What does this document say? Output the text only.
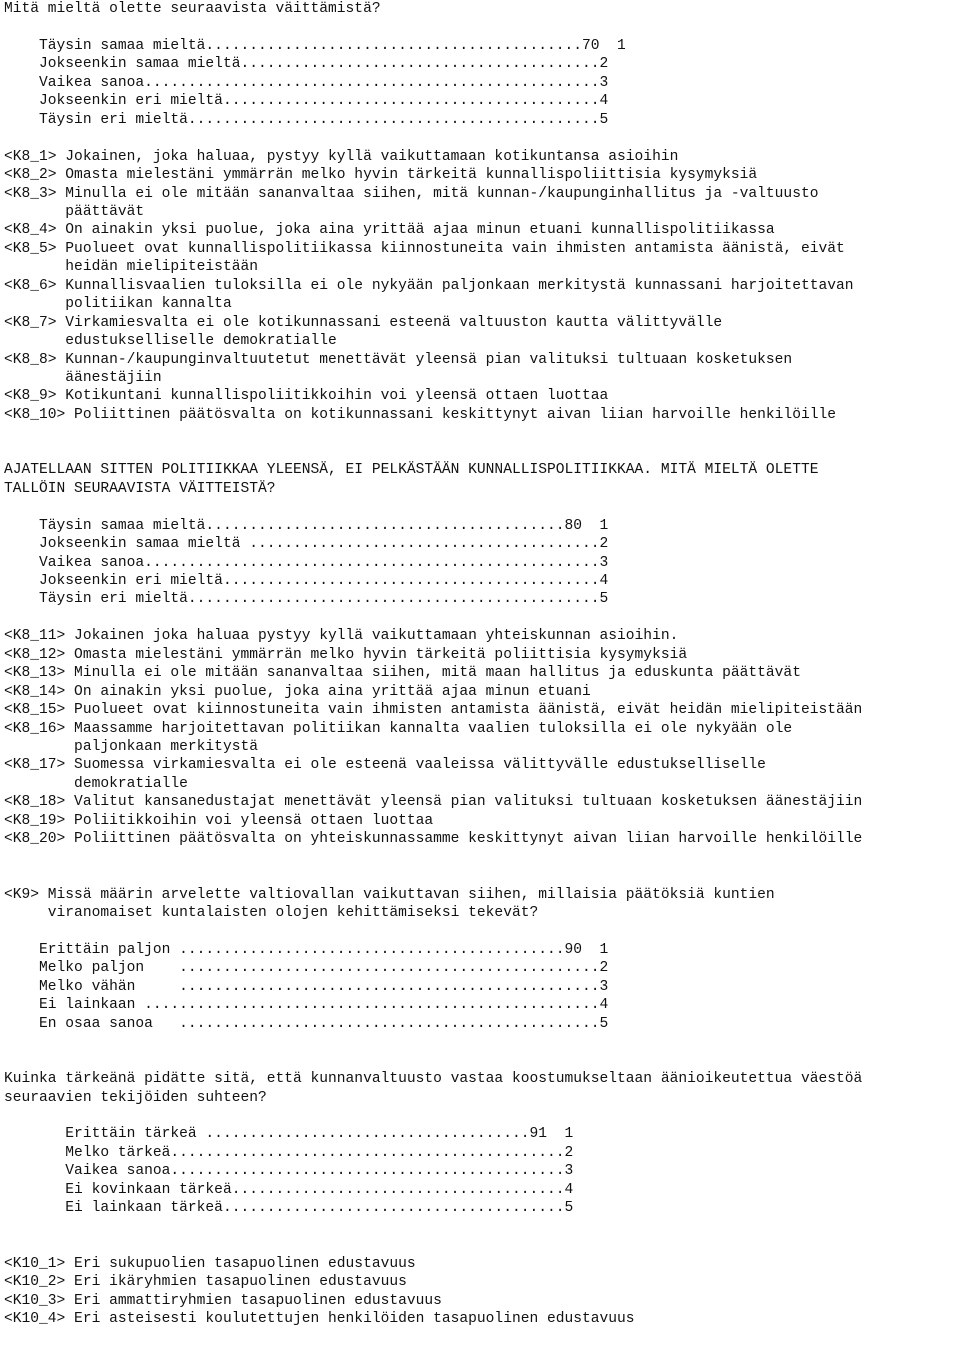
Mitä mieltä olette seuraavista väittämistä?
Täysin samaa mieltä...........................................70  1
Jokseenkin samaa mieltä.........................................2
Vaikea sanoa....................................................3
Jokseenkin eri mieltä...........................................4
Täysin eri mieltä...............................................5
<K8_1> Jokainen, joka haluaa, pystyy kyllä vaikuttamaan kotikuntansa asioihin
<K8_2> Omasta mielestäni ymmärrän melko hyvin tärkeitä kunnallispoliittisia kysymyksiä
<K8_3> Minulla ei ole mitään sananvaltaa siihen, mitä kunnan-/kaupunginhallitus ja -valtuusto
päättävät
<K8_4> On ainakin yksi puolue, joka aina yrittää ajaa minun etuani kunnallispolitiikassa
<K8_5> Puolueet ovat kunnallispolitiikassa kiinnostuneita vain ihmisten antamista äänistä, eivät
heidän mielipiteistään
<K8_6> Kunnallisvaalien tuloksilla ei ole nykyään paljonkaan merkitystä kunnassani harjoitettavan
politiikan kannalta
<K8_7> Virkamiesvalta ei ole kotikunnassani esteenä valtuuston kautta välittyvälle
edustukselliselle demokratialle
<K8_8> Kunnan-/kaupunginvaltuutetut menettävät yleensä pian valituksi tultuaan kosketuksen
äänestäjiin
<K8_9> Kotikuntani kunnallispoliitikkoihin voi yleensä ottaen luottaa
<K8_10> Poliittinen päätösvalta on kotikunnassani keskittynyt aivan liian harvoille henkilöille
AJATELLAAN SITTEN POLITIIKKAA YLEENSÄ, EI PELKÄSTÄÄN KUNNALLISPOLITIIKKAA. MITÄ MIELTÄ OLETTE
TALLÖIN SEURAAVISTA VÄITTEISTÄ?
Täysin samaa mieltä.........................................80  1
Jokseenkin samaa mieltä ........................................2
Vaikea sanoa....................................................3
Jokseenkin eri mieltä...........................................4
Täysin eri mieltä...............................................5
<K8_11> Jokainen joka haluaa pystyy kyllä vaikuttamaan yhteiskunnan asioihin.
<K8_12> Omasta mielestäni ymmärrän melko hyvin tärkeitä poliittisia kysymyksiä
<K8_13> Minulla ei ole mitään sananvaltaa siihen, mitä maan hallitus ja eduskunta päättävät
<K8_14> On ainakin yksi puolue, joka aina yrittää ajaa minun etuani
<K8_15> Puolueet ovat kiinnostuneita vain ihmisten antamista äänistä, eivät heidän mielipiteistään
<K8_16> Maassamme harjoitettavan politiikan kannalta vaalien tuloksilla ei ole nykyään ole
paljonkaan merkitystä
<K8_17> Suomessa virkamiesvalta ei ole esteenä vaaleissa välittyvälle edustukselliselle
demokratialle
<K8_18> Valitut kansanedustajat menettävät yleensä pian valituksi tultuaan kosketuksen äänestäjiin
<K8_19> Poliitikkoihin voi yleensä ottaen luottaa
<K8_20> Poliittinen päätösvalta on yhteiskunnassamme keskittynyt aivan liian harvoille henkilöille
<K9> Missä määrin arvelette valtiovallan vaikuttavan siihen, millaisia päätöksiä kuntien
viranomaiset kuntalaisten olojen kehittämiseksi tekevät?
Erittäin paljon ............................................90  1
Melko paljon    ................................................2
Melko vähän     ................................................3
Ei lainkaan ....................................................4
En osaa sanoa   ................................................5
Kuinka tärkeänä pidätte sitä, että kunnanvaltuusto vastaa koostumukseltaan äänioikeutettua väestöä
seuraavien tekijöiden suhteen?
Erittäin tärkeä .....................................91  1
Melko tärkeä.............................................2
Vaikea sanoa.............................................3
Ei kovinkaan tärkeä......................................4
Ei lainkaan tärkeä.......................................5
<K10_1> Eri sukupuolien tasapuolinen edustavuus
<K10_2> Eri ikäryhmien tasapuolinen edustavuus
<K10_3> Eri ammattiryhmien tasapuolinen edustavuus
<K10_4> Eri asteisesti koulutettujen henkilöiden tasapuolinen edustavuus
